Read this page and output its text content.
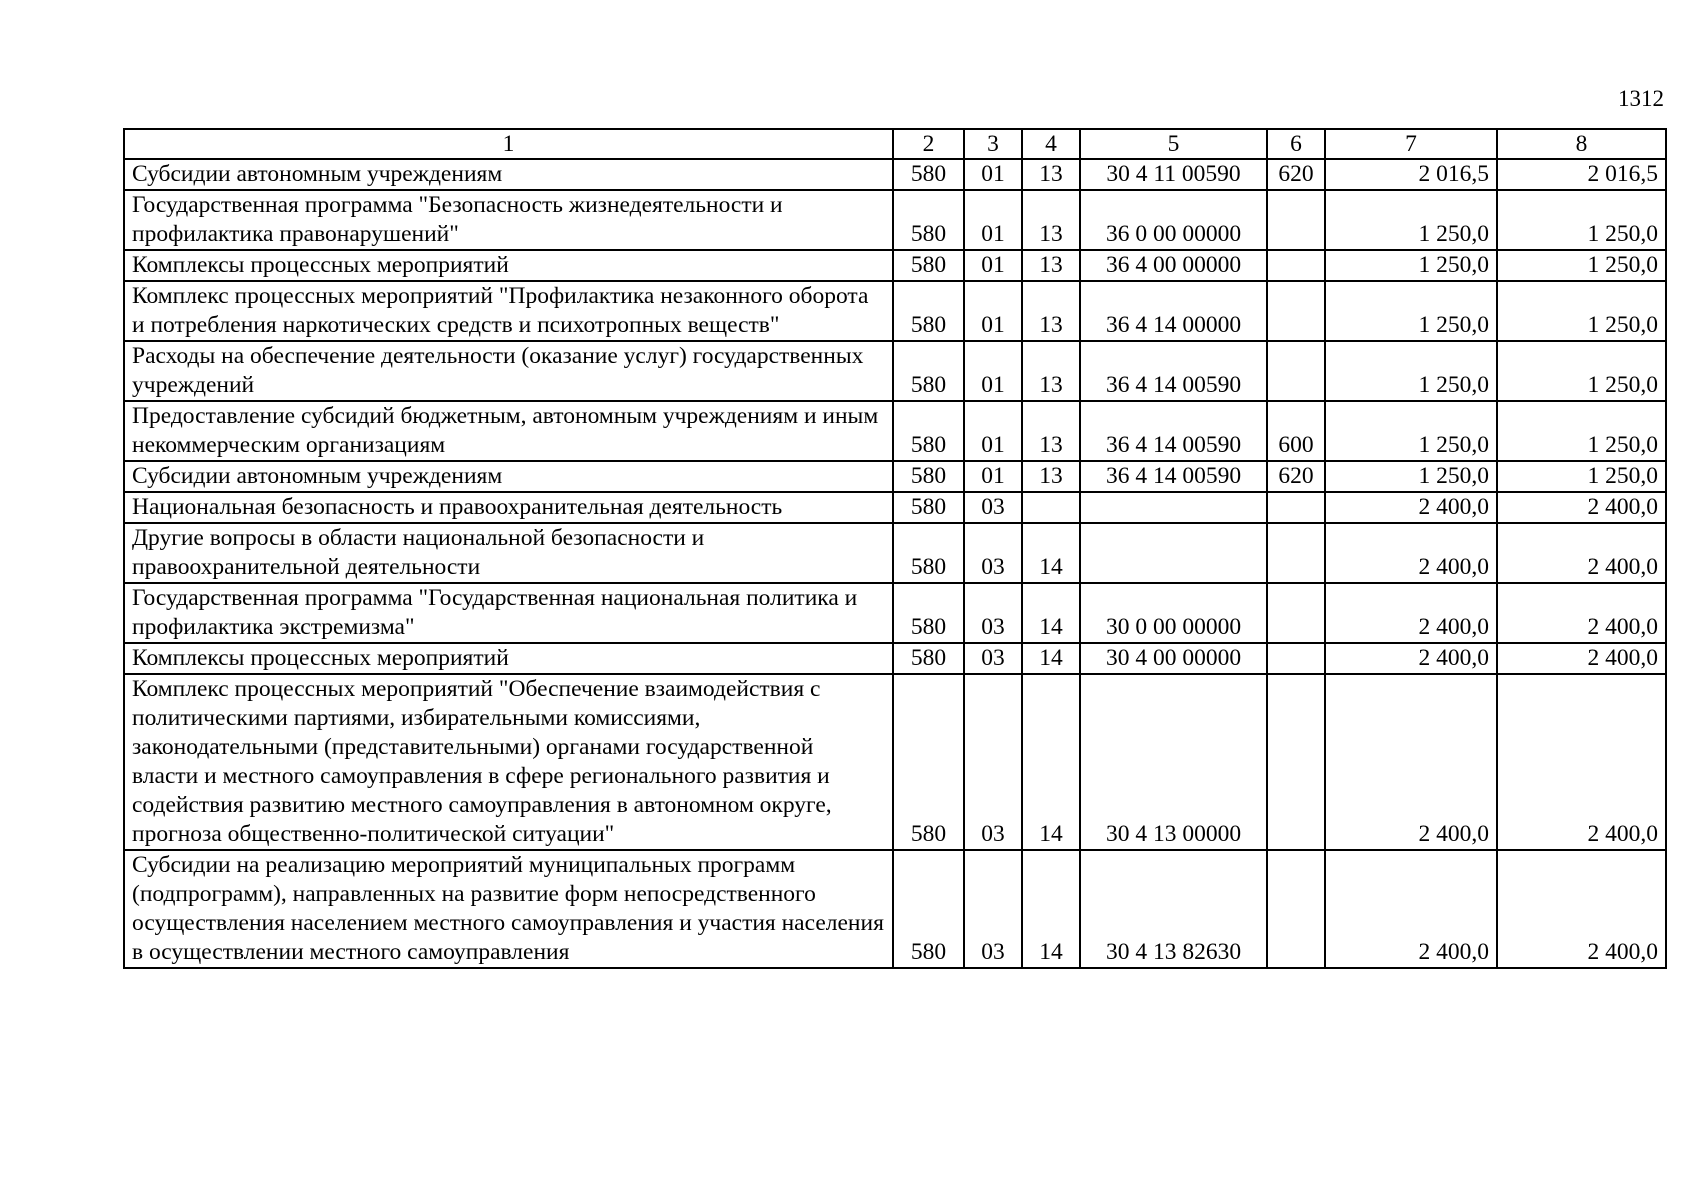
1312
1	2	3	4	5	6	7	8
Субсидии автономным учреждениям	580	01	13	30 4 11 00590	620	2 016,5	2 016,5
Государственная программа "Безопасность жизнедеятельности и профилактика правонарушений"	580	01	13	36 0 00 00000		1 250,0	1 250,0
Комплексы процессных мероприятий	580	01	13	36 4 00 00000		1 250,0	1 250,0
Комплекс процессных мероприятий "Профилактика незаконного оборота и потребления наркотических средств и психотропных веществ"	580	01	13	36 4 14 00000		1 250,0	1 250,0
Расходы на обеспечение деятельности (оказание услуг) государственных учреждений	580	01	13	36 4 14 00590		1 250,0	1 250,0
Предоставление субсидий бюджетным, автономным учреждениям и иным некоммерческим организациям	580	01	13	36 4 14 00590	600	1 250,0	1 250,0
Субсидии автономным учреждениям	580	01	13	36 4 14 00590	620	1 250,0	1 250,0
Национальная безопасность и правоохранительная деятельность	580	03				2 400,0	2 400,0
Другие вопросы в области национальной безопасности и правоохранительной деятельности	580	03	14			2 400,0	2 400,0
Государственная программа "Государственная национальная политика и профилактика экстремизма"	580	03	14	30 0 00 00000		2 400,0	2 400,0
Комплексы процессных мероприятий	580	03	14	30 4 00 00000		2 400,0	2 400,0
Комплекс процессных мероприятий "Обеспечение взаимодействия с политическими партиями, избирательными комиссиями, законодательными (представительными) органами государственной власти и местного самоуправления в сфере регионального развития и содействия развитию местного самоуправления в автономном округе, прогноза общественно-политической ситуации"	580	03	14	30 4 13 00000		2 400,0	2 400,0
Субсидии на реализацию мероприятий муниципальных программ (подпрограмм), направленных на развитие форм непосредственного осуществления населением местного самоуправления и участия населения в осуществлении местного самоуправления	580	03	14	30 4 13 82630		2 400,0	2 400,0
